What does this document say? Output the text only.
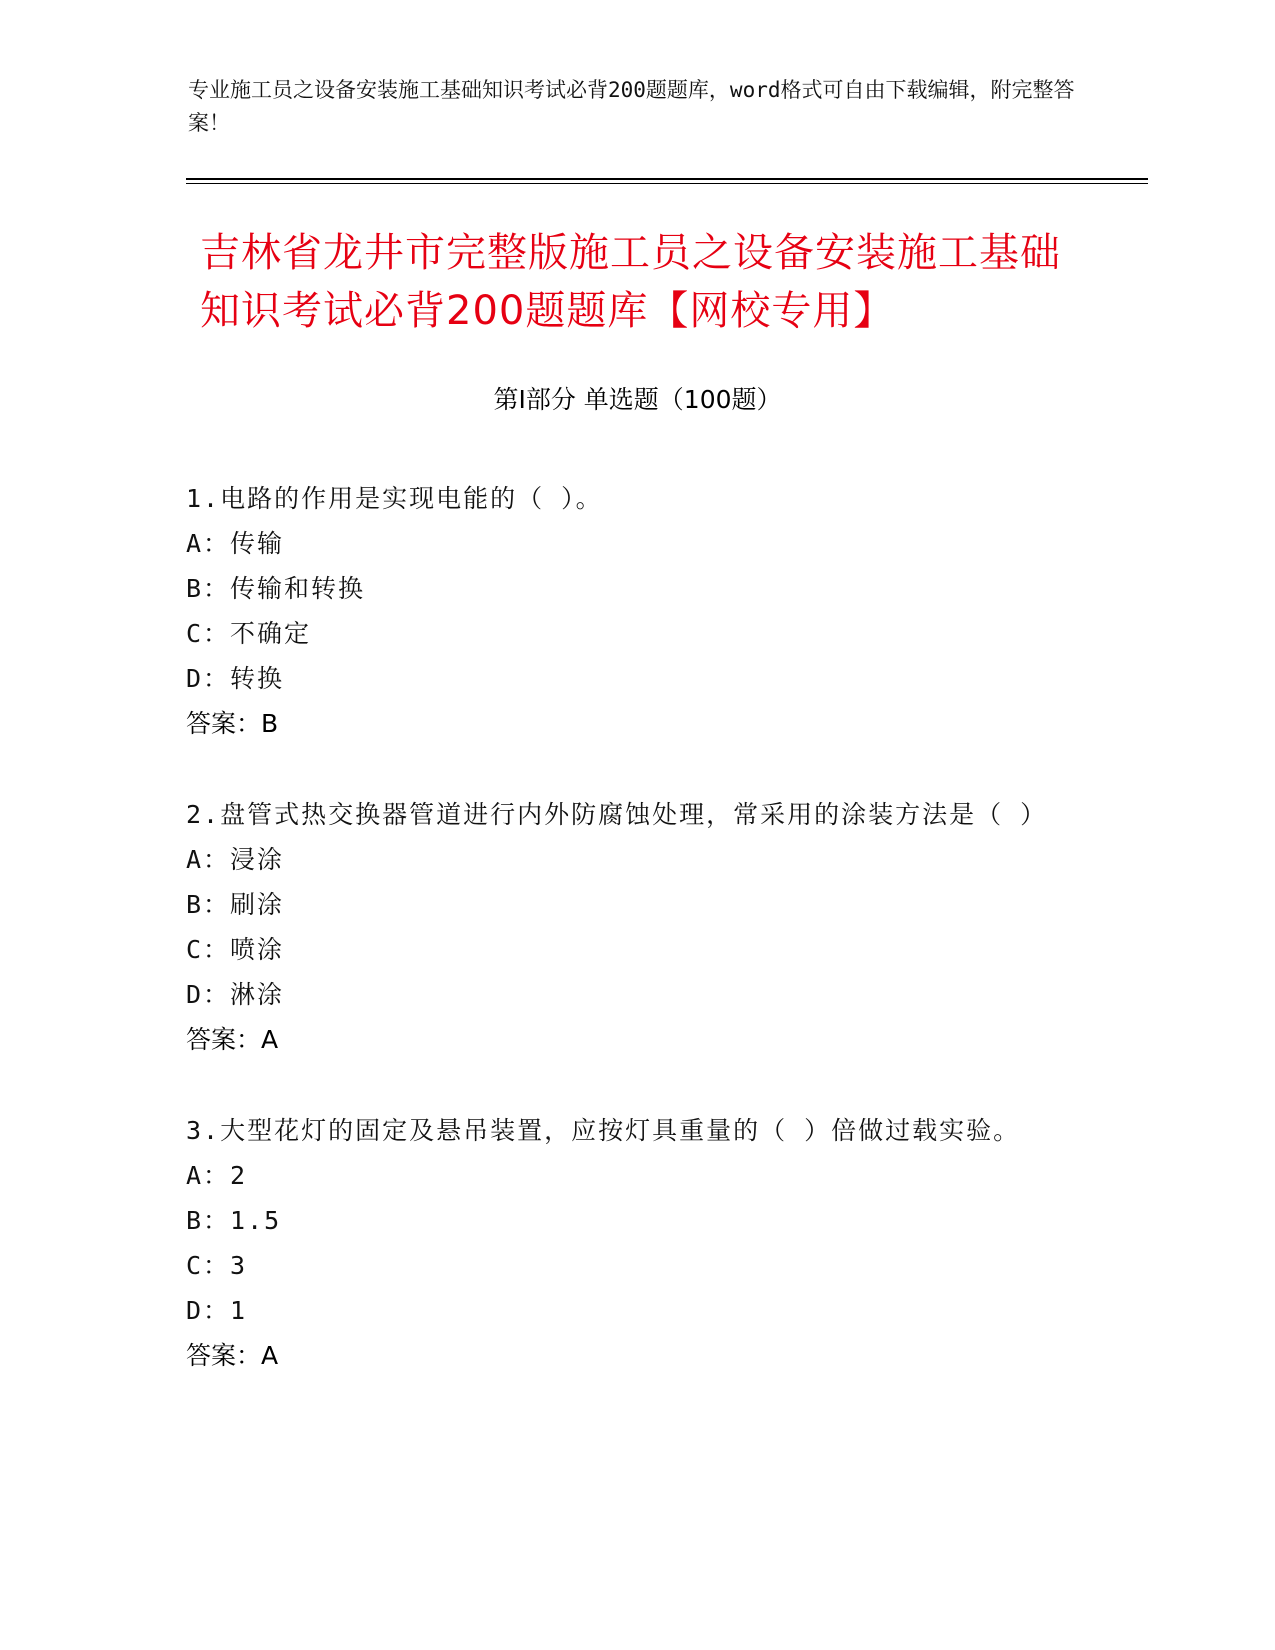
专业施工员之设备安装施工基础知识考试必背200题题库，word格式可自由下载编辑，附完整答案！
吉林省龙井市完整版施工员之设备安装施工基础知识考试必背200题题库【网校专用】
第Ⅰ部分 单选题（100题）
1.电路的作用是实现电能的（ ）。
A：传输
B：传输和转换
C：不确定
D：转换
答案：B
2.盘管式热交换器管道进行内外防腐蚀处理，常采用的涂装方法是（ ）
A：浸涂
B：刷涂
C：喷涂
D：淋涂
答案：A
3.大型花灯的固定及悬吊装置，应按灯具重量的（ ）倍做过载实验。
A：2
B：1.5
C：3
D：1
答案：A
